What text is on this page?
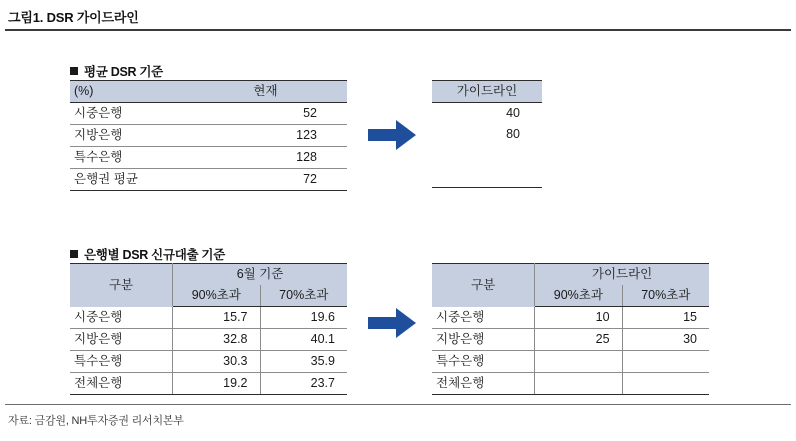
그림1. DSR 가이드라인
평균 DSR 기준
(%)	현재
시중은행	52
지방은행	123
특수은행	128
은행권 평균	72
가이드라인
40
80

은행별 DSR 신규대출 기준
구분	6월 기준	
	90%초과	70%초과
시중은행	15.7	19.6
지방은행	32.8	40.1
특수은행	30.3	35.9
전체은행	19.2	23.7
구분	가이드라인	
	90%초과	70%초과
시중은행	10	15
지방은행	25	30
특수은행		
전체은행		
자료: 금감원, NH투자증권 리서치본부
